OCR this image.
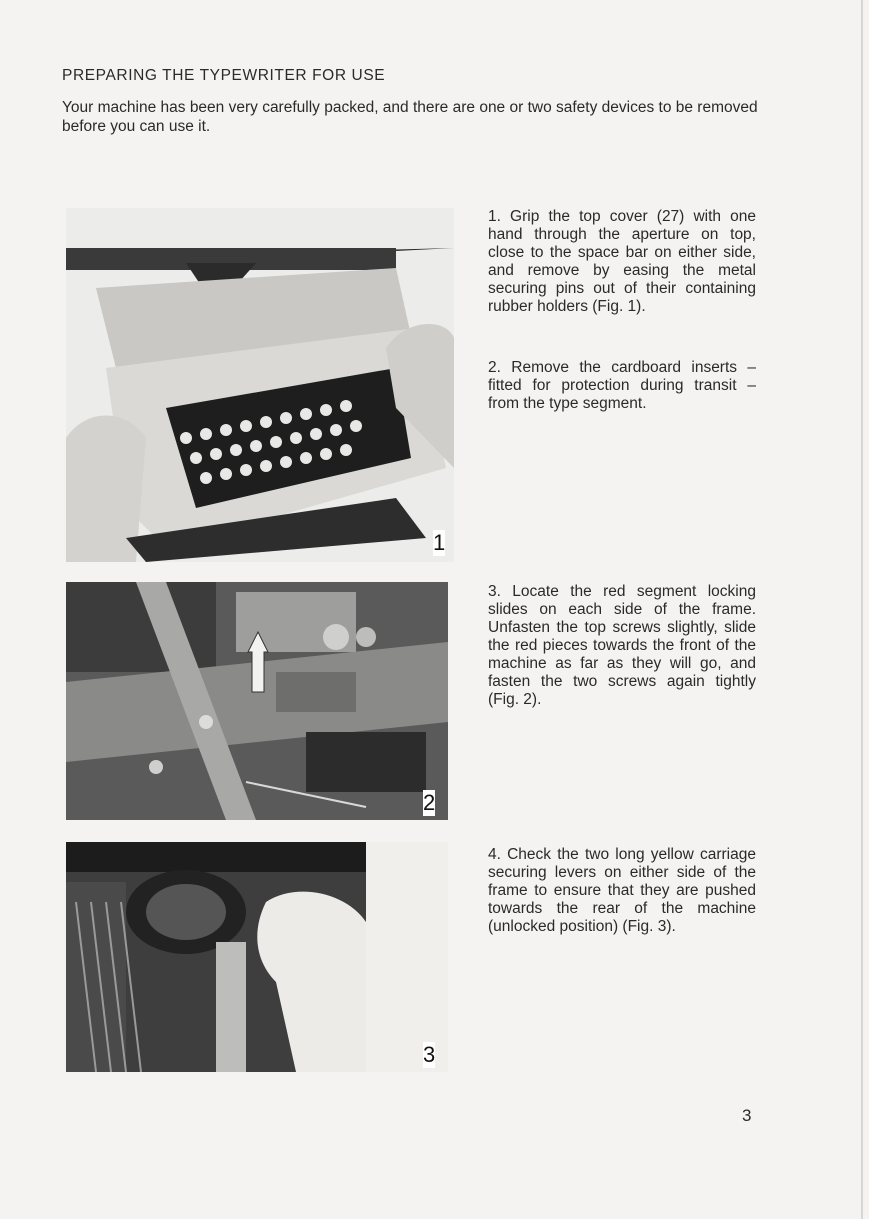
PREPARING THE TYPEWRITER FOR USE
Your machine has been very carefully packed, and there are one or two safety devices to be removed before you can use it.
1
2
3
1. Grip the top cover (27) with one hand through the aperture on top, close to the space bar on either side, and remove by easing the metal securing pins out of their containing rubber holders (Fig. 1).
2. Remove the cardboard inserts – fitted for protection during transit – from the type segment.
3. Locate the red segment locking slides on each side of the frame. Unfasten the top screws slightly, slide the red pieces towards the front of the machine as far as they will go, and fasten the two screws again tightly (Fig. 2).
4. Check the two long yellow carriage securing levers on either side of the frame to ensure that they are pushed towards the rear of the machine (unlocked position) (Fig. 3).
3
